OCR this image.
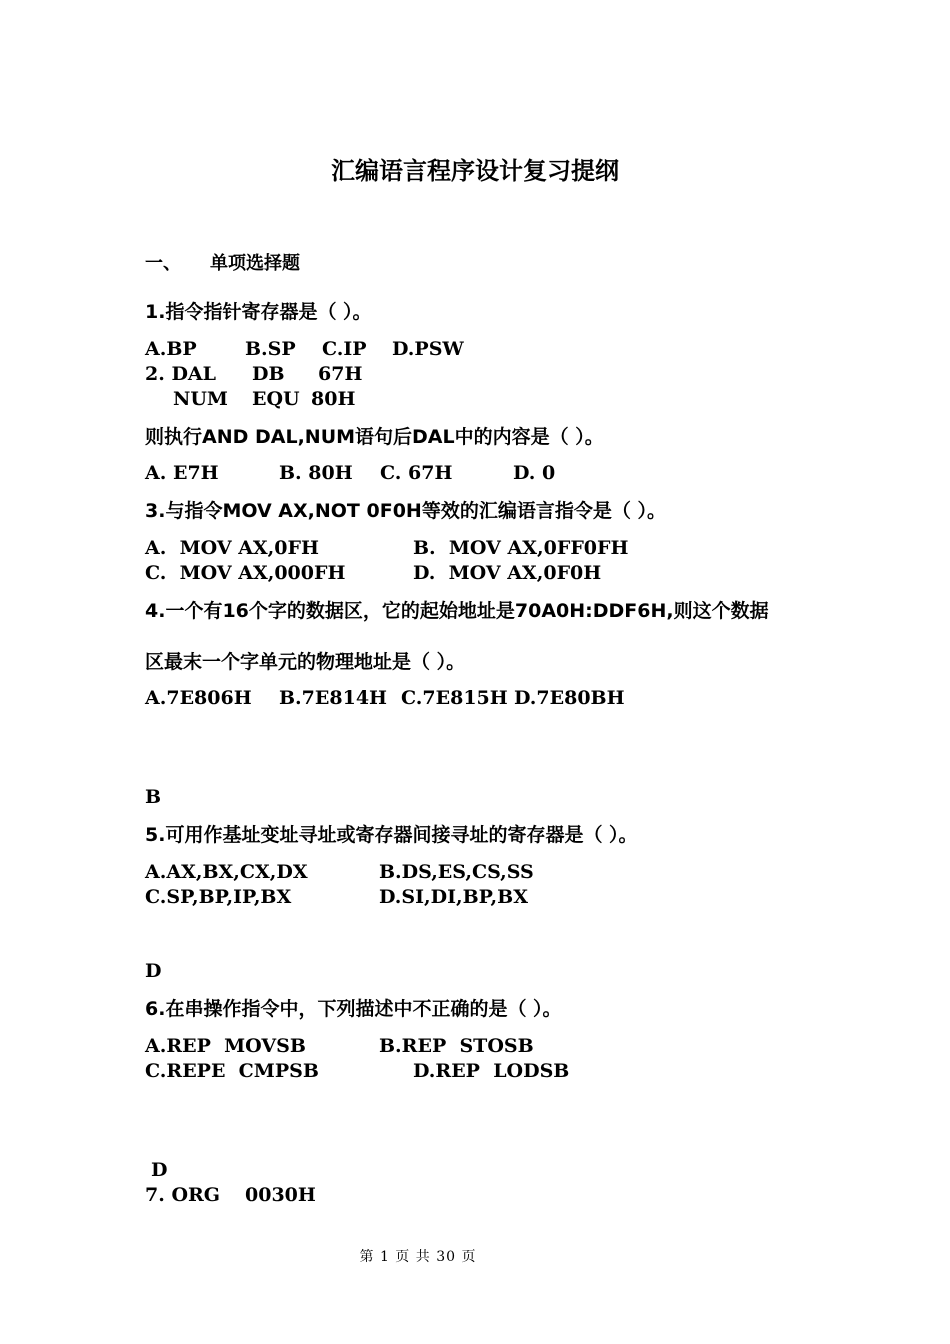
汇编语言程序设计复习提纲
一、 单项选择题
1.指令指针寄存器是（ ）。
A.BP	B.SP C.IP D.PSW
2. DAL DB 67H
NUM EQU 80H
则执行AND DAL,NUM语句后DAL中的内容是（ ）。
A. E7H	B. 80H C. 67H	D. 0
3.与指令MOV AX,NOT 0F0H等效的汇编语言指令是（ ）。
A.  MOV AX,0FH	B.  MOV AX,0FF0FH
C.  MOV AX,000FH	D.  MOV AX,0F0H
4.一个有16个字的数据区，它的起始地址是70A0H:DDF6H,则这个数据
区最末一个字单元的物理地址是（ ）。
A.7E806H B.7E814H C.7E815H D.7E80BH
B
5.可用作基址变址寻址或寄存器间接寻址的寄存器是（ ）。
A.AX,BX,CX,DX	B.DS,ES,CS,SS
C.SP,BP,IP,BX	D.SI,DI,BP,BX
D
6.在串操作指令中，下列描述中不正确的是（ ）。
A.REP  MOVSB	B.REP  STOSB
C.REPE  CMPSB	D.REP  LODSB
D
7. ORG 0030H
第 1 页 共 30 页
